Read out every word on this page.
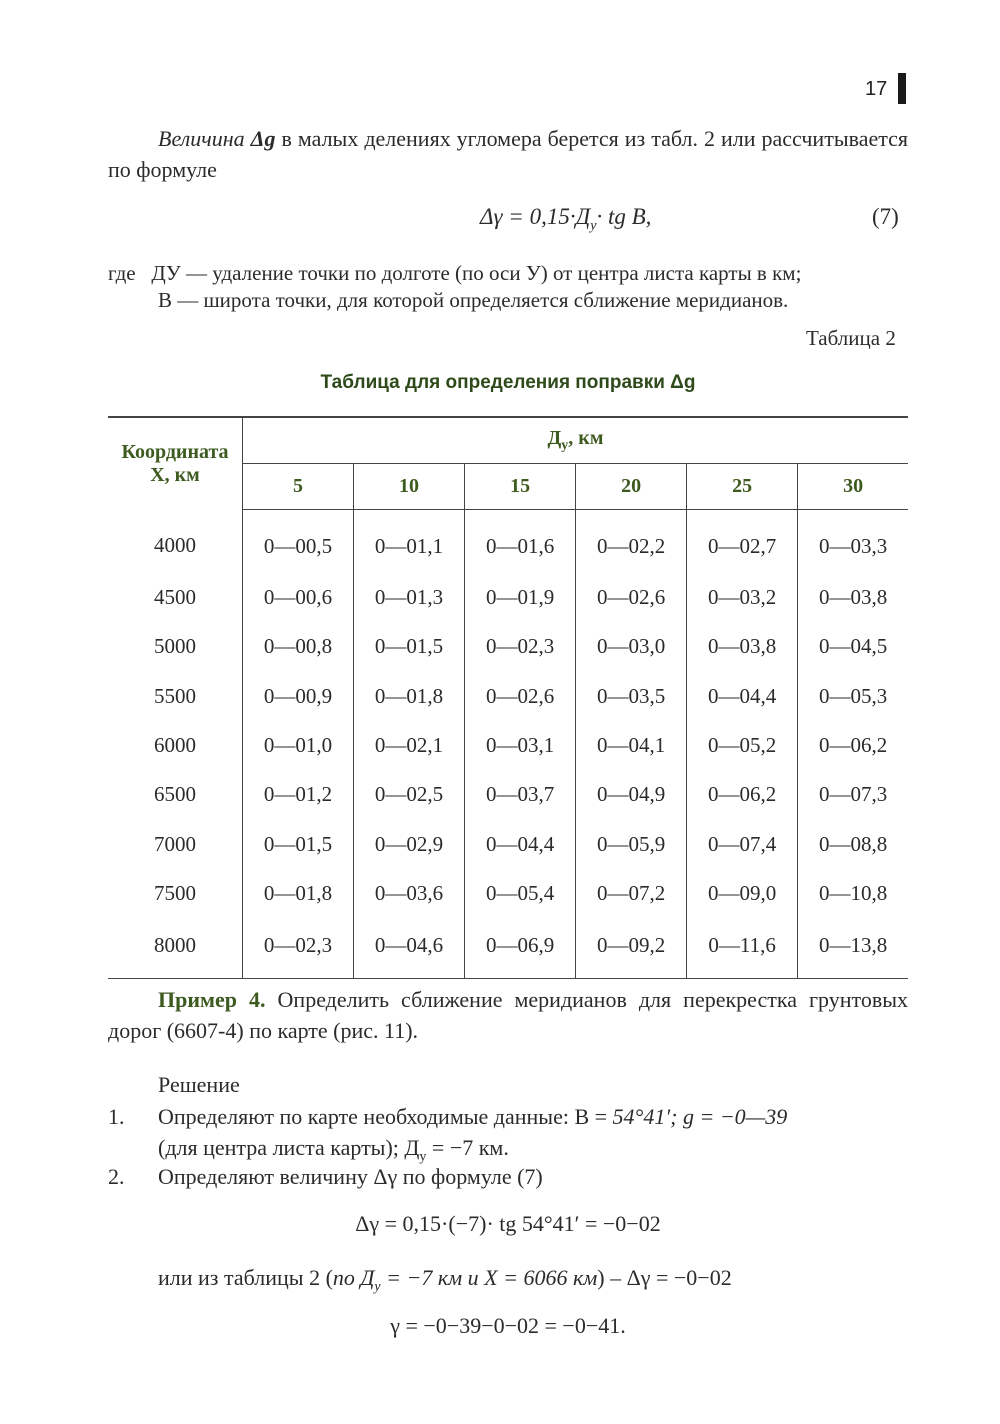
17

Величина Δg в малых делениях угломера берется из табл. 2 или рассчитывается по формуле

$\Delta\gamma = 0,15\cdot Д_y\cdot$ tg B,	(7)
где ДУ — удаление точки по долготе (по оси У) от центра листа карты в км;
В — широта точки, для которой определяется сближение меридианов.
Таблица 2
Таблица для определения поправки Δg
Координата
Х, км	$Д_у$, км					
	5	10	15	20	25	30
4000	0—00,5	0—01,1	0—01,6	0—02,2	0—02,7	0—03,3
4500	0—00,6	0—01,3	0—01,9	0—02,6	0—03,2	0—03,8
5000	0—00,8	0—01,5	0—02,3	0—03,0	0—03,8	0—04,5
5500	0—00,9	0—01,8	0—02,6	0—03,5	0—04,4	0—05,3
6000	0—01,0	0—02,1	0—03,1	0—04,1	0—05,2	0—06,2
6500	0—01,2	0—02,5	0—03,7	0—04,9	0—06,2	0—07,3
7000	0—01,5	0—02,9	0—04,4	0—05,9	0—07,4	0—08,8
7500	0—01,8	0—03,6	0—05,4	0—07,2	0—09,0	0—10,8
8000	0—02,3	0—04,6	0—06,9	0—09,2	0—11,6	0—13,8

Пример 4. Определить сближение меридианов для перекрестка грунтовых дорог (6607-4) по карте (рис. 11).

Решение
1. Определяют по карте необходимые данные: В = 54°41′; g = −0—39
(для центра листа карты); $Д_у = -7$ км.
2. Определяют величину Δγ по формуле (7)
Δγ = 0,15·(−7)· tg 54°41′ = −0−02
или из таблицы 2 (по $Д_у = -7$ км и Х = 6066 км) – Δγ = −0−02
γ = −0−39−0−02 = −0−41.
